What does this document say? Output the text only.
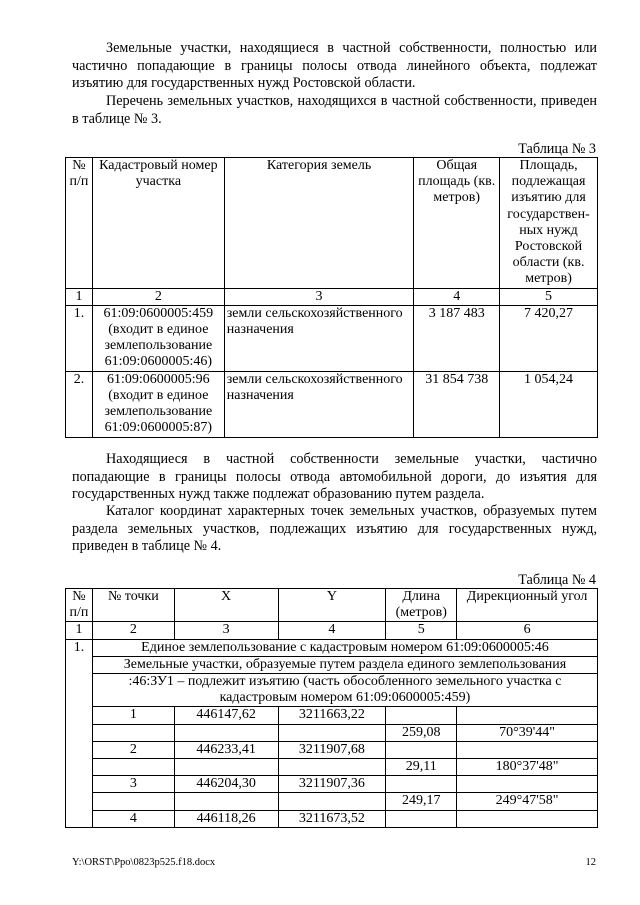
Земельные участки, находящиеся в частной собственности, полностью или частично попадающие в границы полосы отвода линейного объекта, подлежат изъятию для государственных нужд Ростовской области.

Перечень земельных участков, находящихся в частной собственности, приведен в таблице № 3.

Таблица № 3
№ п/п	Кадастровый номер участка	Категория земель	Общая площадь (кв. метров)	Площадь, подлежащая изъятию для государствен-ных нужд Ростовской области (кв. метров)
1	2	3	4	5
1.	61:09:0600005:459 (входит в единое землепользование 61:09:0600005:46)	земли сельскохозяйственного назначения	3 187 483	7 420,27
2.	61:09:0600005:96 (входит в единое землепользование 61:09:0600005:87)	земли сельскохозяйственного назначения	31 854 738	1 054,24

Находящиеся в частной собственности земельные участки, частично попадающие в границы полосы отвода автомобильной дороги, до изъятия для государственных нужд также подлежат образованию путем раздела.

Каталог координат характерных точек земельных участков, образуемых путем раздела земельных участков, подлежащих изъятию для государственных нужд, приведен в таблице № 4.

Таблица № 4
№ п/п	№ точки	X	Y	Длина (метров)	Дирекционный угол
1	2	3	4	5	6
1.	Единое землепользование с кадастровым номером 61:09:0600005:46				
	Земельные участки, образуемые путем раздела единого землепользования				
	:46:ЗУ1 – подлежит изъятию (часть обособленного земельного участка с кадастровым номером 61:09:0600005:459)				
	1	446147,62	3211663,22		
				259,08	70°39'44"
	2	446233,41	3211907,68		
				29,11	180°37'48"
	3	446204,30	3211907,36		
				249,17	249°47'58"
	4	446118,26	3211673,52		
Y:\ORST\Ppo\0823p525.f18.docx	12
